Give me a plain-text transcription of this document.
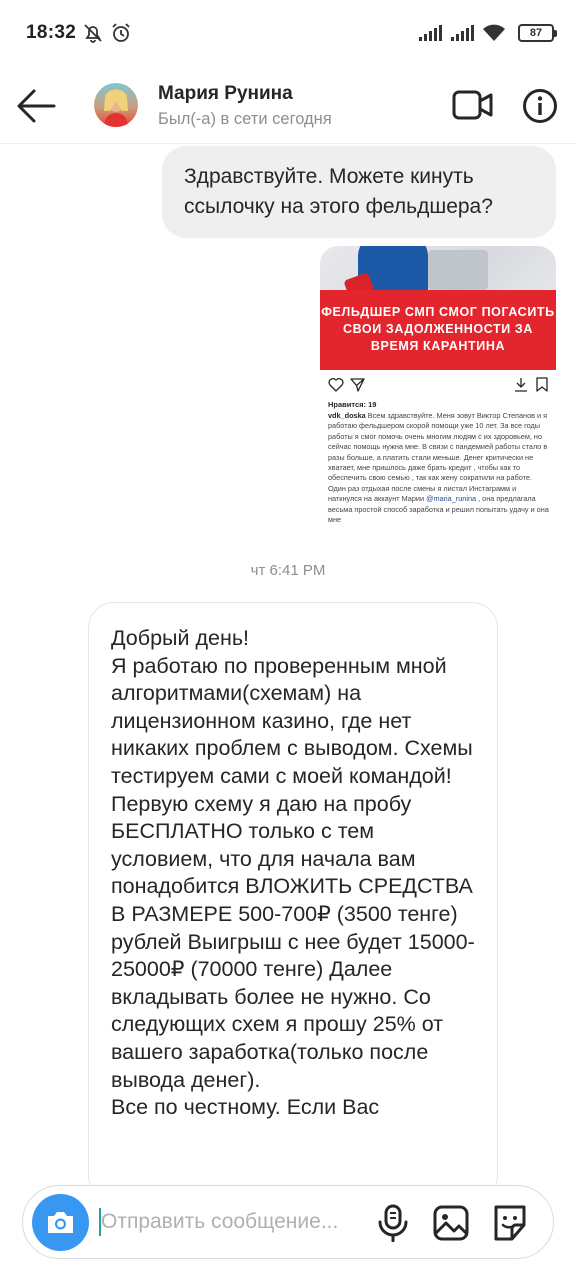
18:32	87
Мария Рунина
Был(-а) в сети сегодня
Здравствуйте. Можете кинуть ссылочку на этого фельдшера?
ФЕЛЬДШЕР СМП СМОГ ПОГАСИТЬ СВОИ ЗАДОЛЖЕННОСТИ ЗА ВРЕМЯ КАРАНТИНА
Нравится: 19
vdk_doska Всем здравствуйте. Меня зовут Виктор Степанов и я работаю фельдшером скорой помощи уже 10 лет. За все годы работы я смог помочь очень многим людям с их здоровьем, но сейчас помощь нужна мне. В связи с пандемией работы стало в разы больше, а платить стали меньше. Денег критически не хватает, мне пришлось даже брать кредит , чтобы как то обеспечить свою семью , так как жену сократили на работе. Один раз отдыхая после смены я листал Инстаграмм и наткнулся на аккаунт Марии @maria_runina , она предлагала весьма простой способ заработка и решил попытать удачу и она мне
чт 6:41 PM
Добрый день!
Я работаю по проверенным мной алгоритмами(схемам) на лицензионном казино, где нет никаких проблем с выводом. Схемы тестируем сами с моей командой!
Первую схему я даю на пробу БЕСПЛАТНО только с тем условием, что для начала вам понадобится ВЛОЖИТЬ СРЕДСТВА В РАЗМЕРЕ 500-700₽ (3500 тенге) рублей Выигрыш с нее будет 15000-25000₽ (70000 тенге) Далее вкладывать более не нужно. Со следующих схем я прошу 25% от вашего заработка(только после вывода денег).
Все по честному. Если Вас
Отправить сообщение...
